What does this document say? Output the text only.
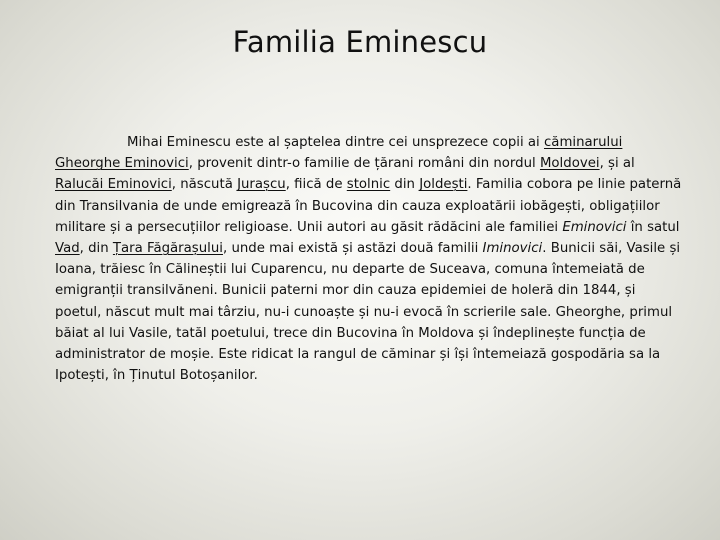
Familia Eminescu

Mihai Eminescu este al șaptelea dintre cei unsprezece copii ai căminarului Gheorghe Eminovici, provenit dintr-o familie de țărani români din nordul Moldovei, și al Ralucăi Eminovici, născută Jurașcu, fiică de stolnic din Joldești. Familia cobora pe linie paternă din Transilvania de unde emigrează în Bucovina din cauza exploatării iobăgești, obligațiilor militare și a persecuțiilor religioase. Unii autori au găsit rădăcini ale familiei Eminovici în satul Vad, din Țara Făgărașului, unde mai există și astăzi două familii Iminovici. Bunicii săi, Vasile și Ioana, trăiesc în Călineștii lui Cuparencu, nu departe de Suceava, comuna întemeiată de emigranții transilvăneni. Bunicii paterni mor din cauza epidemiei de holeră din 1844, și poetul, născut mult mai târziu, nu-i cunoaște și nu-i evocă în scrierile sale. Gheorghe, primul băiat al lui Vasile, tatăl poetului, trece din Bucovina în Moldova și îndeplinește funcția de administrator de moșie. Este ridicat la rangul de căminar și își întemeiază gospodăria sa la Ipotești, în Ținutul Botoșanilor.
